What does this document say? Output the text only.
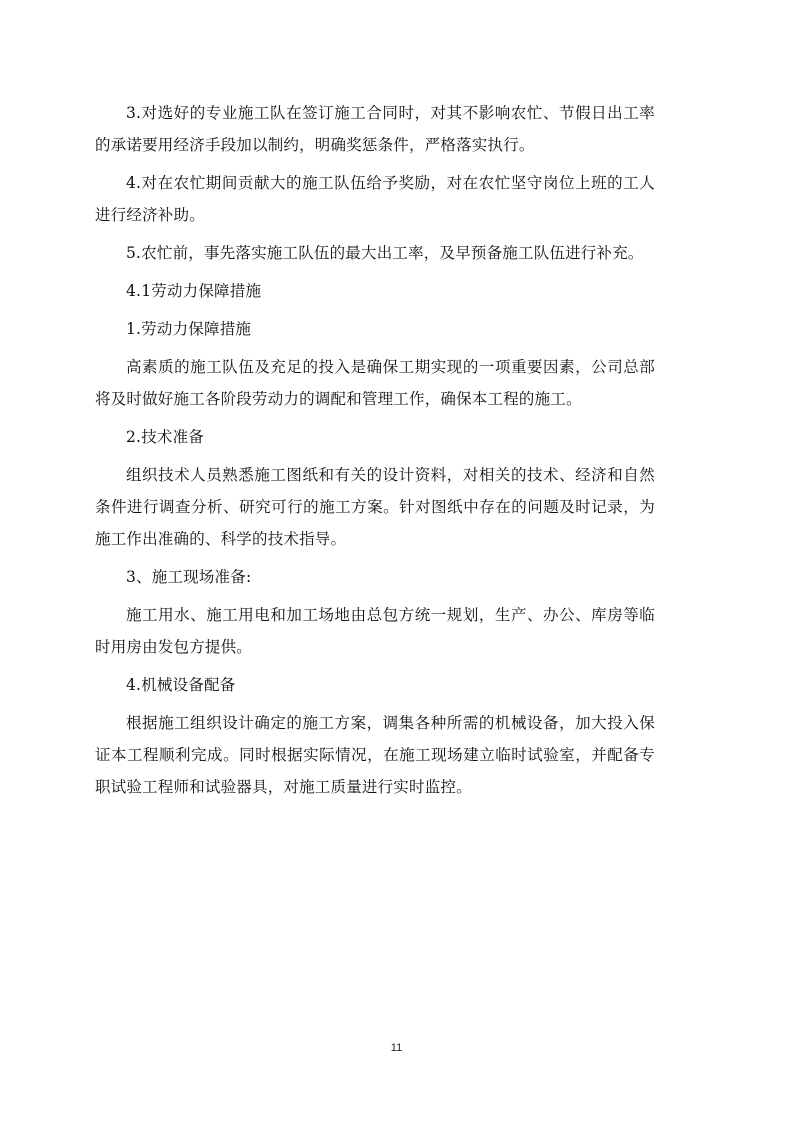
3.对选好的专业施工队在签订施工合同时，对其不影响农忙、节假日出工率的承诺要用经济手段加以制约，明确奖惩条件，严格落实执行。

4.对在农忙期间贡献大的施工队伍给予奖励，对在农忙坚守岗位上班的工人进行经济补助。

5.农忙前，事先落实施工队伍的最大出工率，及早预备施工队伍进行补充。

4.1劳动力保障措施

1.劳动力保障措施

高素质的施工队伍及充足的投入是确保工期实现的一项重要因素，公司总部将及时做好施工各阶段劳动力的调配和管理工作，确保本工程的施工。

2.技术准备

组织技术人员熟悉施工图纸和有关的设计资料，对相关的技术、经济和自然条件进行调查分析、研究可行的施工方案。针对图纸中存在的问题及时记录，为施工作出准确的、科学的技术指导。

3、施工现场准备:

施工用水、施工用电和加工场地由总包方统一规划，生产、办公、库房等临时用房由发包方提供。

4.机械设备配备

根据施工组织设计确定的施工方案，调集各种所需的机械设备，加大投入保证本工程顺利完成。同时根据实际情况，在施工现场建立临时试验室，并配备专职试验工程师和试验器具，对施工质量进行实时监控。

11
